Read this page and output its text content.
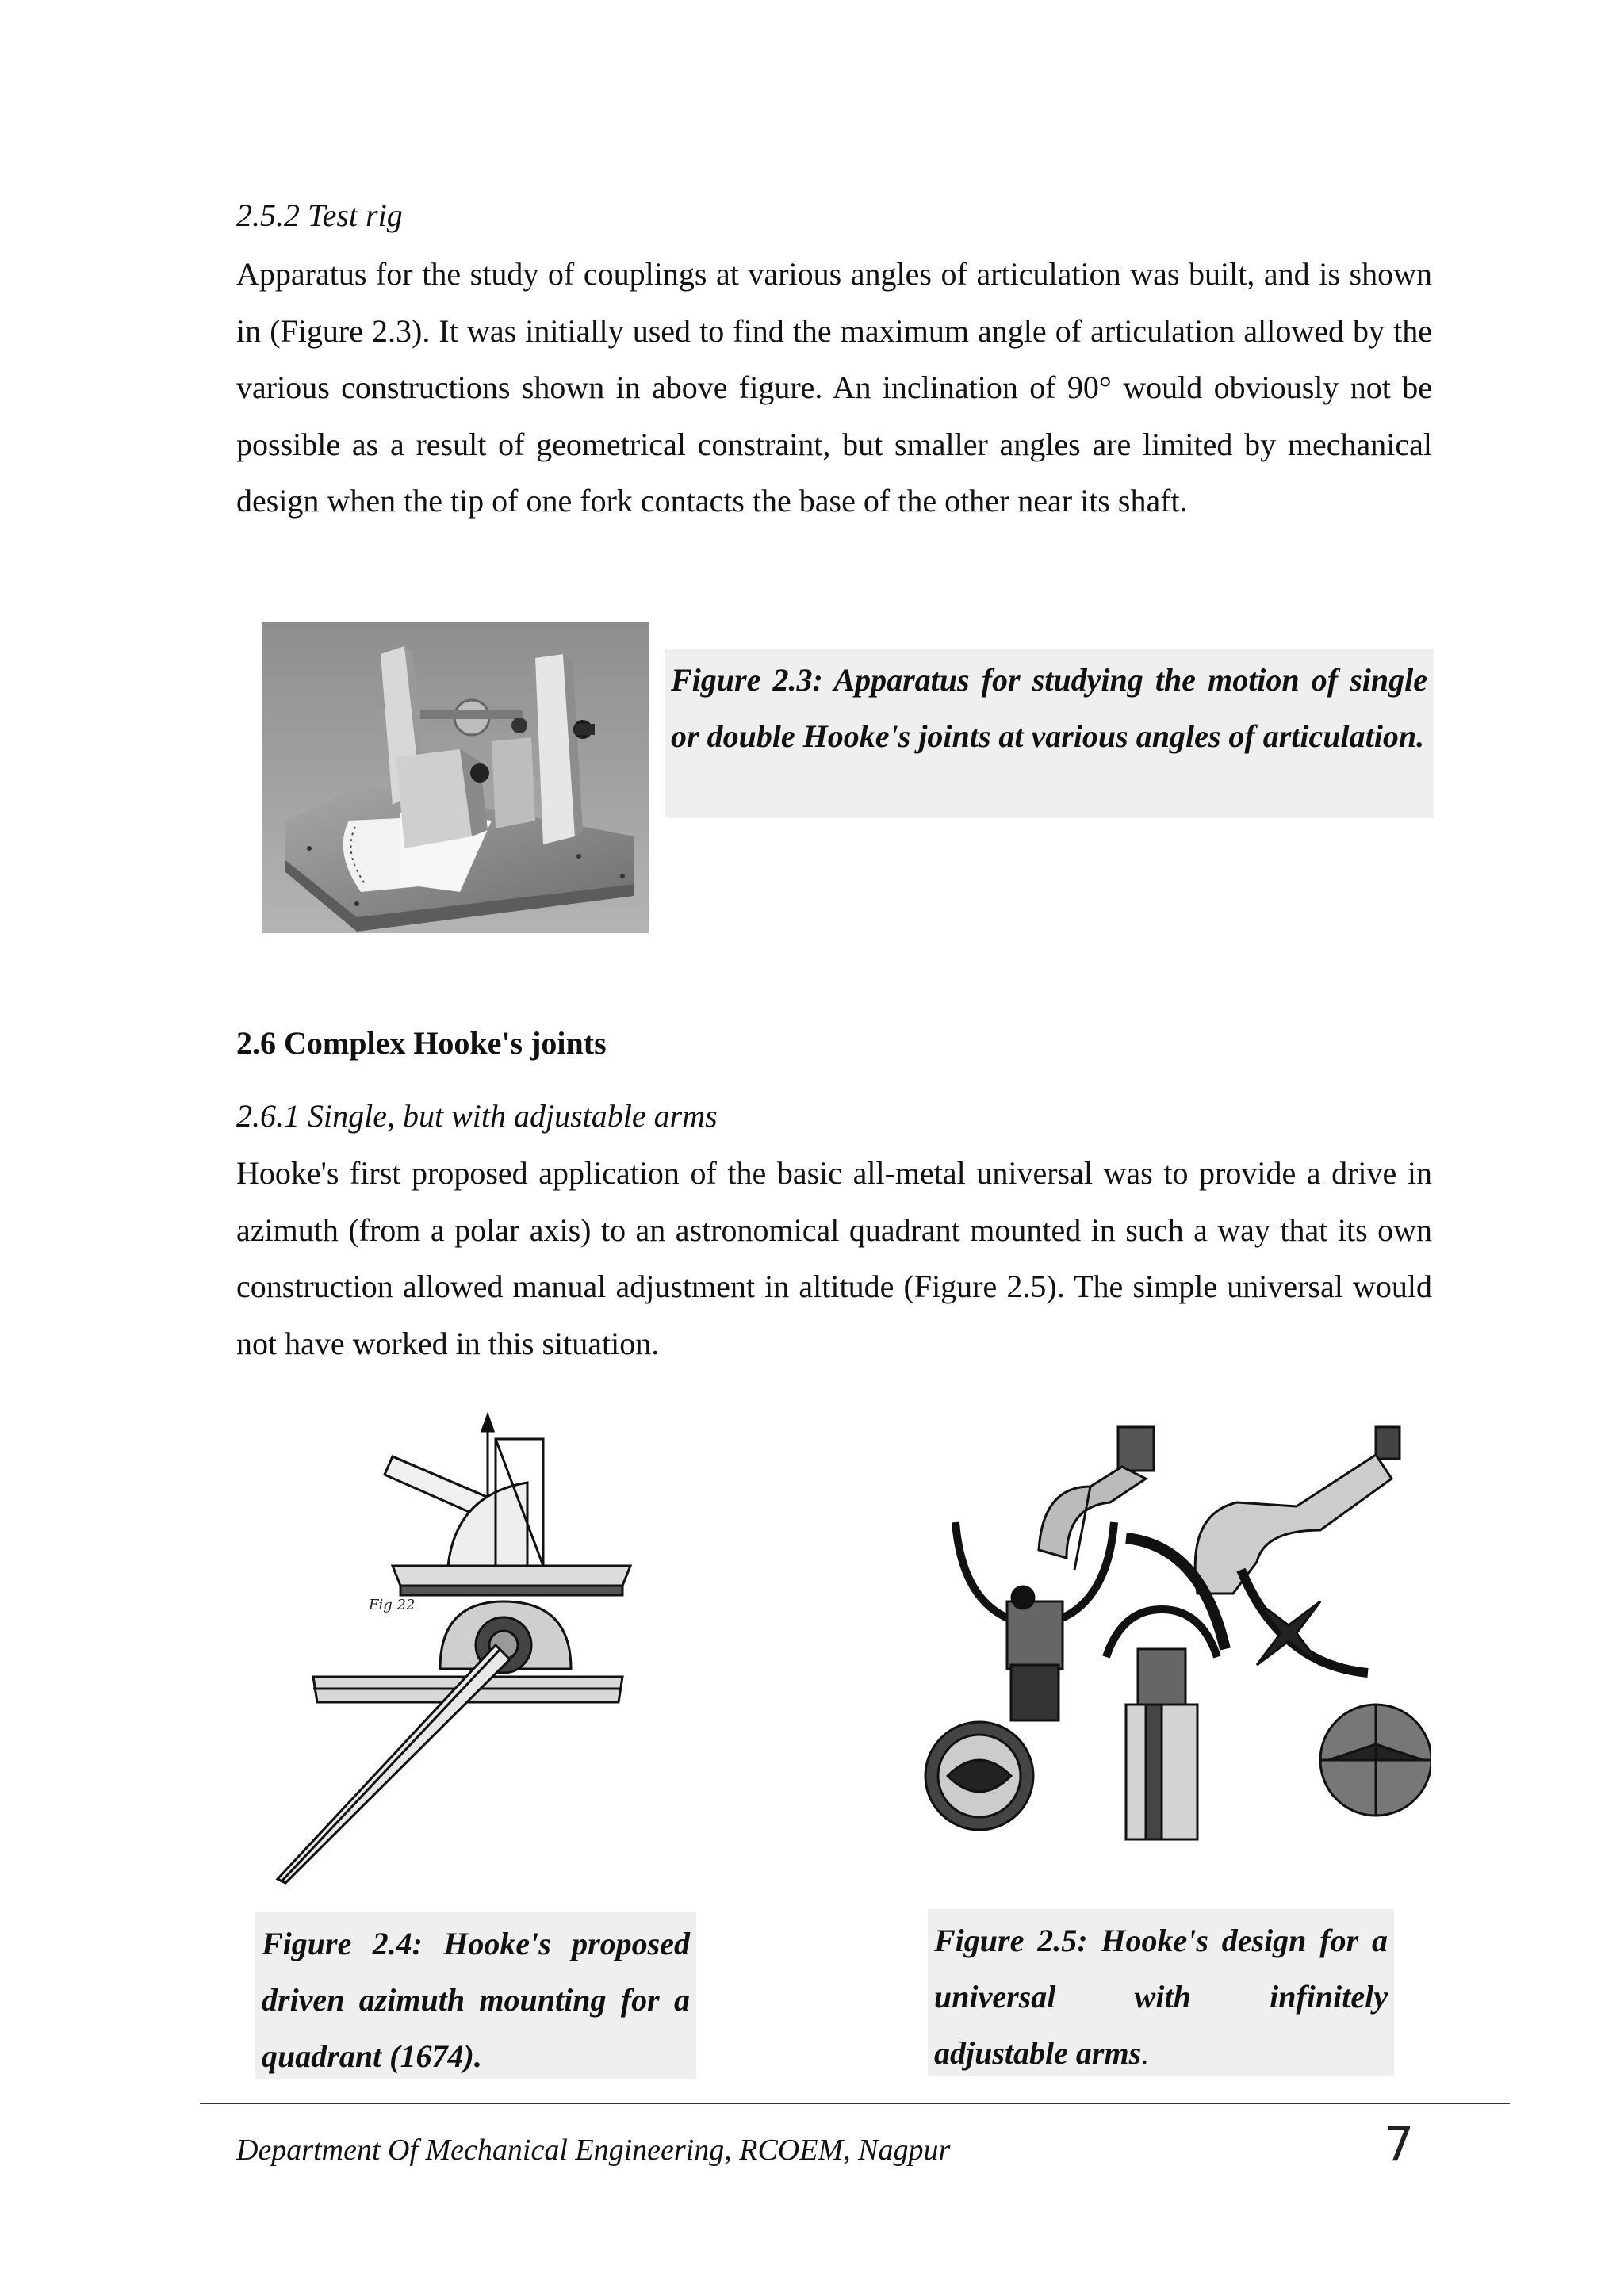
2.5.2 Test rig

Apparatus for the study of couplings at various angles of articulation was built, and is shown in (Figure 2.3). It was initially used to find the maximum angle of articulation allowed by the various constructions shown in above figure. An inclination of 90° would obviously not be possible as a result of geometrical constraint, but smaller angles are limited by mechanical design when the tip of one fork contacts the base of the other near its shaft.

Figure 2.3: Apparatus for studying the motion of single or double Hooke's joints at various angles of articulation.

2.6 Complex Hooke's joints
2.6.1 Single, but with adjustable arms

Hooke's first proposed application of the basic all-metal universal was to provide a drive in azimuth (from a polar axis) to an astronomical quadrant mounted in such a way that its own construction allowed manual adjustment in altitude (Figure 2.5). The simple universal would not have worked in this situation.

Fig 22

Figure 2.4: Hooke's proposed driven azimuth mounting for a quadrant (1674).

Figure 2.5: Hooke's design for a universal with infinitely adjustable arms.

Department Of Mechanical Engineering, RCOEM, Nagpur	7
